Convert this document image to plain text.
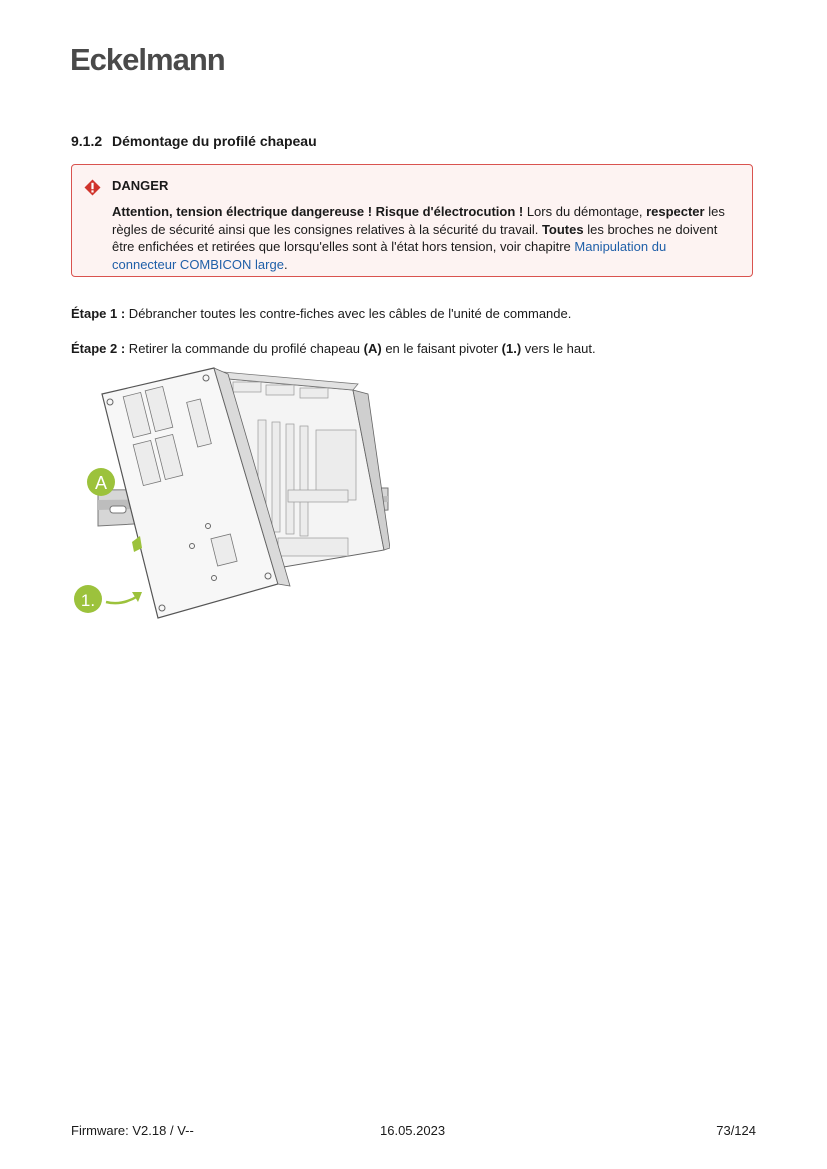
Eckelmann
9.1.2 Démontage du profilé chapeau
DANGER
Attention, tension électrique dangereuse ! Risque d'électrocution ! Lors du démontage, respecter les règles de sécurité ainsi que les consignes relatives à la sécurité du travail. Toutes les broches ne doivent être enfichées et retirées que lorsqu'elles sont à l'état hors tension, voir chapitre Manipulation du connecteur COMBICON large.
Étape 1 : Débrancher toutes les contre-fiches avec les câbles de l'unité de commande.
Étape 2 : Retirer la commande du profilé chapeau (A) en le faisant pivoter (1.) vers le haut.
A
1.
Firmware: V2.18 / V--	16.05.2023	73/124
